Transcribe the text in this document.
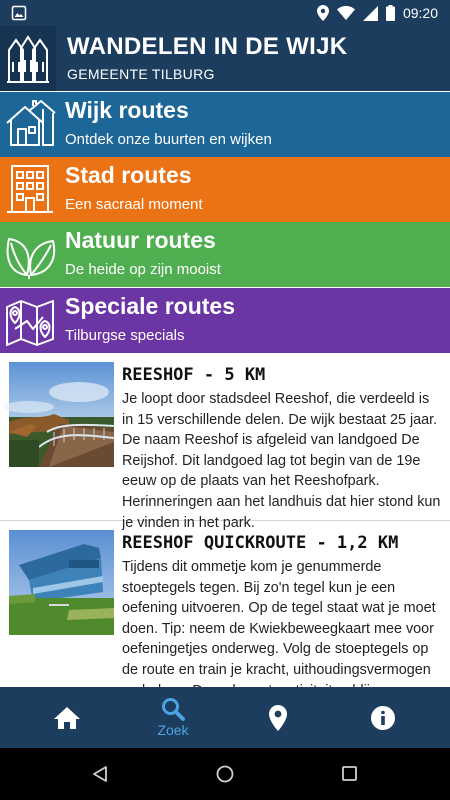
09:20
WANDELEN IN DE WIJK
GEMEENTE TILBURG
Wijk routes
Ontdek onze buurten en wijken
Stad routes
Een sacraal moment
Natuur routes
De heide op zijn mooist
Speciale routes
Tilburgse specials
REESHOF - 5 KM
Je loopt door stadsdeel Reeshof, die verdeeld is in 15 verschillende delen. De wijk bestaat 25 jaar. De naam Reeshof is afgeleid van landgoed De Reijshof. Dit landgoed lag tot begin van de 19e eeuw op de plaats van het Reeshofpark. Herinneringen aan het landhuis dat hier stond kun je vinden in het park.
REESHOF QUICKROUTE - 1,2 KM
Tijdens dit ommetje kom je genummerde stoeptegels tegen. Bij zo'n tegel kun je een oefening uitvoeren. Op de tegel staat wat je moet doen. Tip: neem de Kwiekbeweegkaart mee voor oefeningetjes onderweg. Volg de stoeptegels op de route en train je kracht, uithoudingsvermogen
Zoek
